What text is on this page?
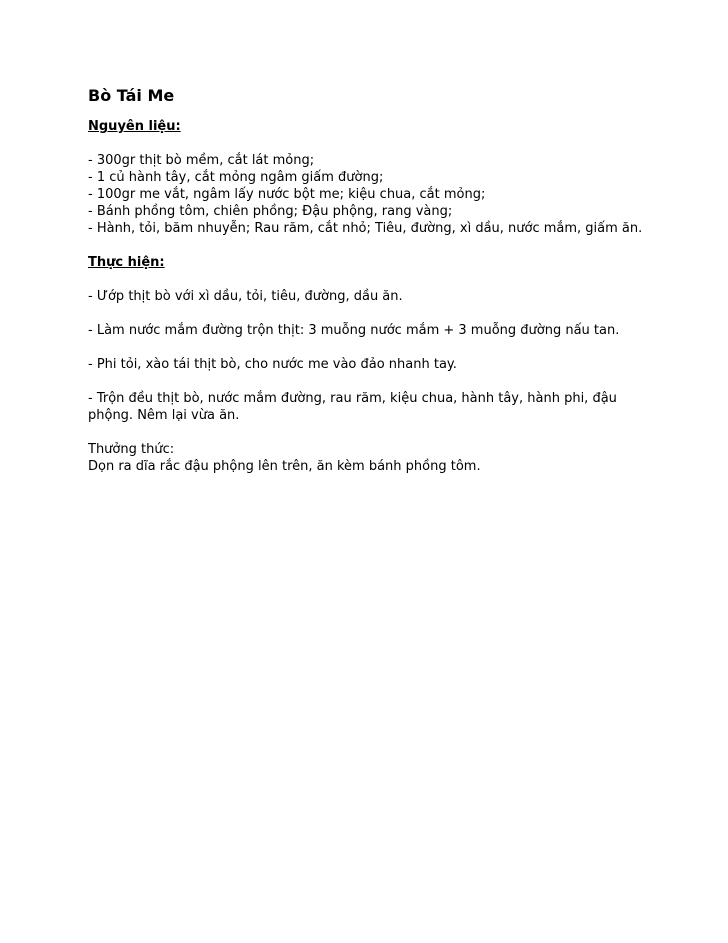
Bò Tái Me
Nguyên liệu:

- 300gr thịt bò mềm, cắt lát mỏng;

- 1 củ hành tây, cắt mỏng ngâm giấm đường;

- 100gr me vắt, ngâm lấy nước bột me; kiệu chua, cắt mỏng;

- Bánh phồng tôm, chiên phồng; Đậu phộng, rang vàng;

- Hành, tỏi, băm nhuyễn; Rau răm, cắt nhỏ; Tiêu, đường, xì dầu, nước mắm, giấm ăn.

Thực hiện:

- Ướp thịt bò với xì dầu, tỏi, tiêu, đường, dầu ăn.

- Làm nước mắm đường trộn thịt: 3 muỗng nước mắm + 3 muỗng đường nấu tan.

- Phi tỏi, xào tái thịt bò, cho nước me vào đảo nhanh tay.

- Trộn đều thịt bò, nước mắm đường, rau răm, kiệu chua, hành tây, hành phi, đậu phộng. Nêm lại vừa ăn.

Thưởng thức:

Dọn ra dĩa rắc đậu phộng lên trên, ăn kèm bánh phồng tôm.
